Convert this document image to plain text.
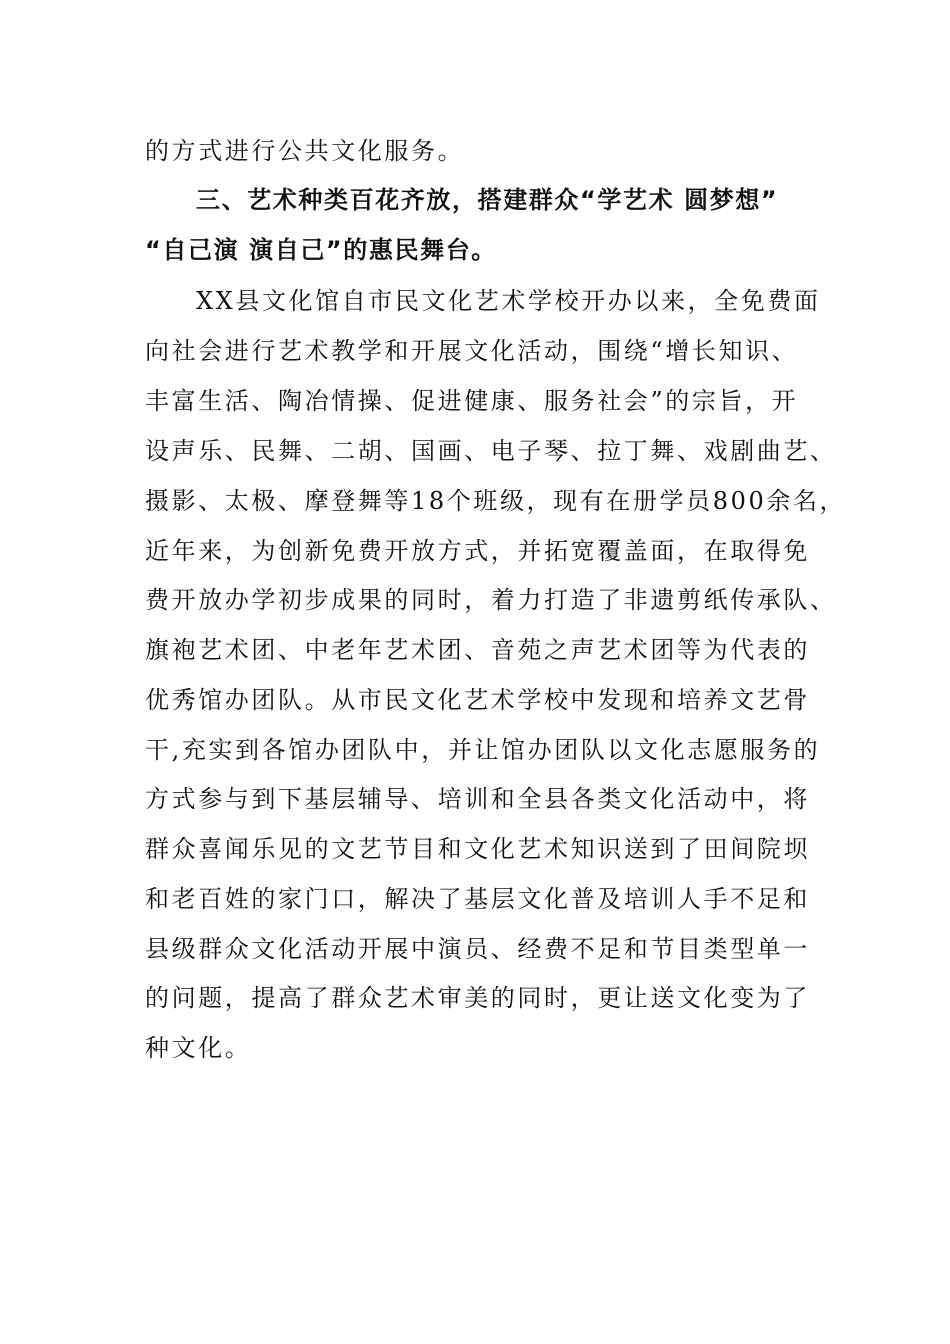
的方式进行公共文化服务。
三、艺术种类百花齐放，搭建群众“学艺术 圆梦想”
“自己演 演自己”的惠民舞台。
XX县文化馆自市民文化艺术学校开办以来，全免费面
向社会进行艺术教学和开展文化活动，围绕“增长知识、
丰富生活、陶冶情操、促进健康、服务社会”的宗旨，开
设声乐、民舞、二胡、国画、电子琴、拉丁舞、戏剧曲艺、
摄影、太极、摩登舞等18个班级，现有在册学员800余名，
近年来，为创新免费开放方式，并拓宽覆盖面，在取得免
费开放办学初步成果的同时，着力打造了非遗剪纸传承队、
旗袍艺术团、中老年艺术团、音苑之声艺术团等为代表的
优秀馆办团队。从市民文化艺术学校中发现和培养文艺骨
干,充实到各馆办团队中，并让馆办团队以文化志愿服务的
方式参与到下基层辅导、培训和全县各类文化活动中，将
群众喜闻乐见的文艺节目和文化艺术知识送到了田间院坝
和老百姓的家门口，解决了基层文化普及培训人手不足和
县级群众文化活动开展中演员、经费不足和节目类型单一
的问题，提高了群众艺术审美的同时，更让送文化变为了
种文化。
